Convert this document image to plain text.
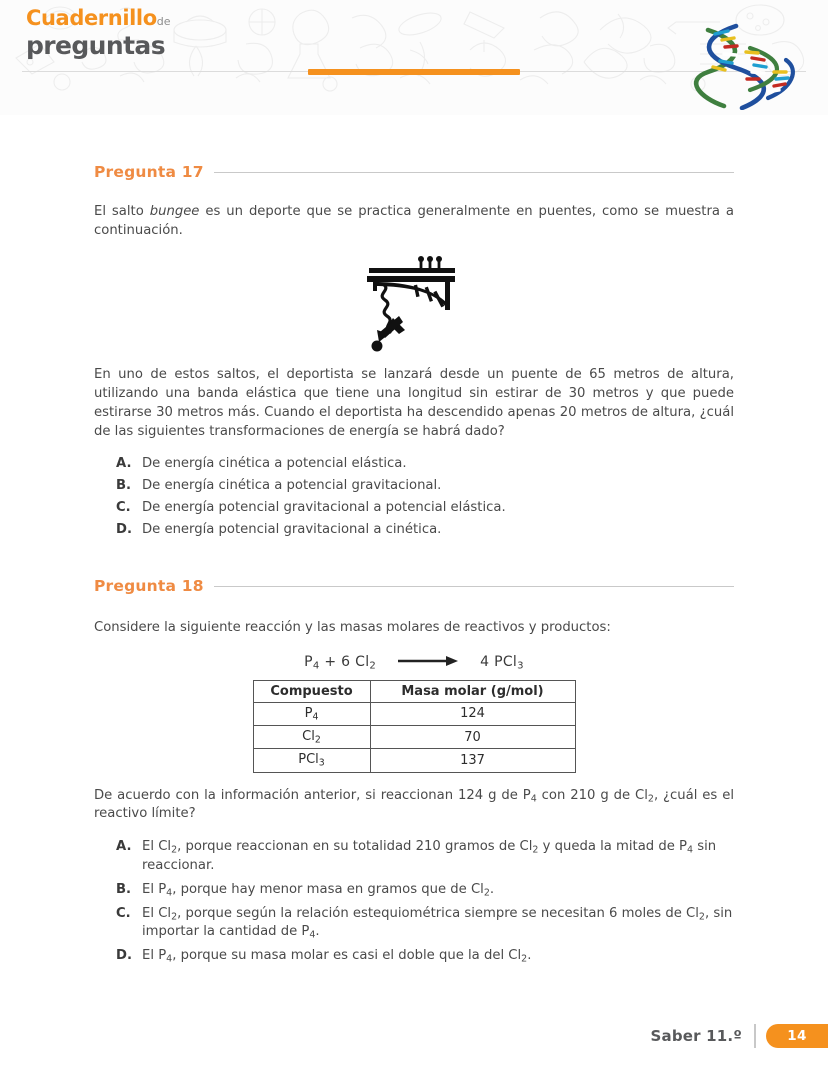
Cuadernillode
preguntas
Pregunta 17

El salto bungee es un deporte que se practica generalmente en puentes, como se muestra a continuación.

En uno de estos saltos, el deportista se lanzará desde un puente de 65 metros de altura, utilizando una banda elástica que tiene una longitud sin estirar de 30 metros y que puede estirarse 30 metros más. Cuando el deportista ha descendido apenas 20 metros de altura, ¿cuál de las siguientes transformaciones de energía se habrá dado?

A. De energía cinética a potencial elástica.
B. De energía cinética a potencial gravitacional.
C. De energía potencial gravitacional a potencial elástica.
D. De energía potencial gravitacional a cinética.
Pregunta 18

Considere la siguiente reacción y las masas molares de reactivos y productos:

$P_4 + 6$ $Cl_2$	4 PCl$_3$
Compuesto	Masa molar (g/mol)
$P_4$	124
$Cl_2$	70
PCl$_3$	137

De acuerdo con la información anterior, si reaccionan 124 g de $P_4$ con 210 g de $Cl_2$, ¿cuál es el reactivo límite?

A. El $Cl_2$, porque reaccionan en su totalidad 210 gramos de $Cl_2$ y queda la mitad de $P_4$ sin reaccionar.
B. El $P_4$, porque hay menor masa en gramos que de $Cl_2$.
C. El $Cl_2$, porque según la relación estequiométrica siempre se necesitan 6 moles de $Cl_2$, sin importar la cantidad de $P_4$.
D. El $P_4$, porque su masa molar es casi el doble que la del $Cl_2$.
Saber 11.º	14
